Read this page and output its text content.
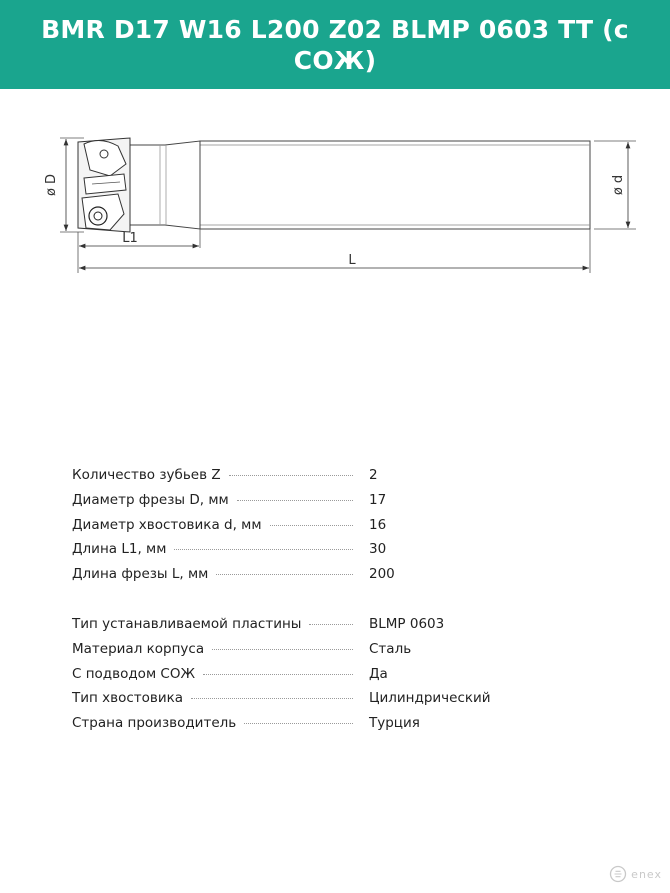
BMR D17 W16 L200 Z02 BLMP 0603 TT (с СОЖ)
ø D	ø d
L1
L
Количество зубьев Z	2
Диаметр фрезы D, мм	17
Диаметр хвостовика d, мм	16
Длина L1, мм	30
Длина фрезы L, мм	200
Тип устанавливаемой пластины	BLMP 0603
Материал корпуса	Сталь
С подводом СОЖ	Да
Тип хвостовика	Цилиндрический
Страна производитель	Турция
enex
